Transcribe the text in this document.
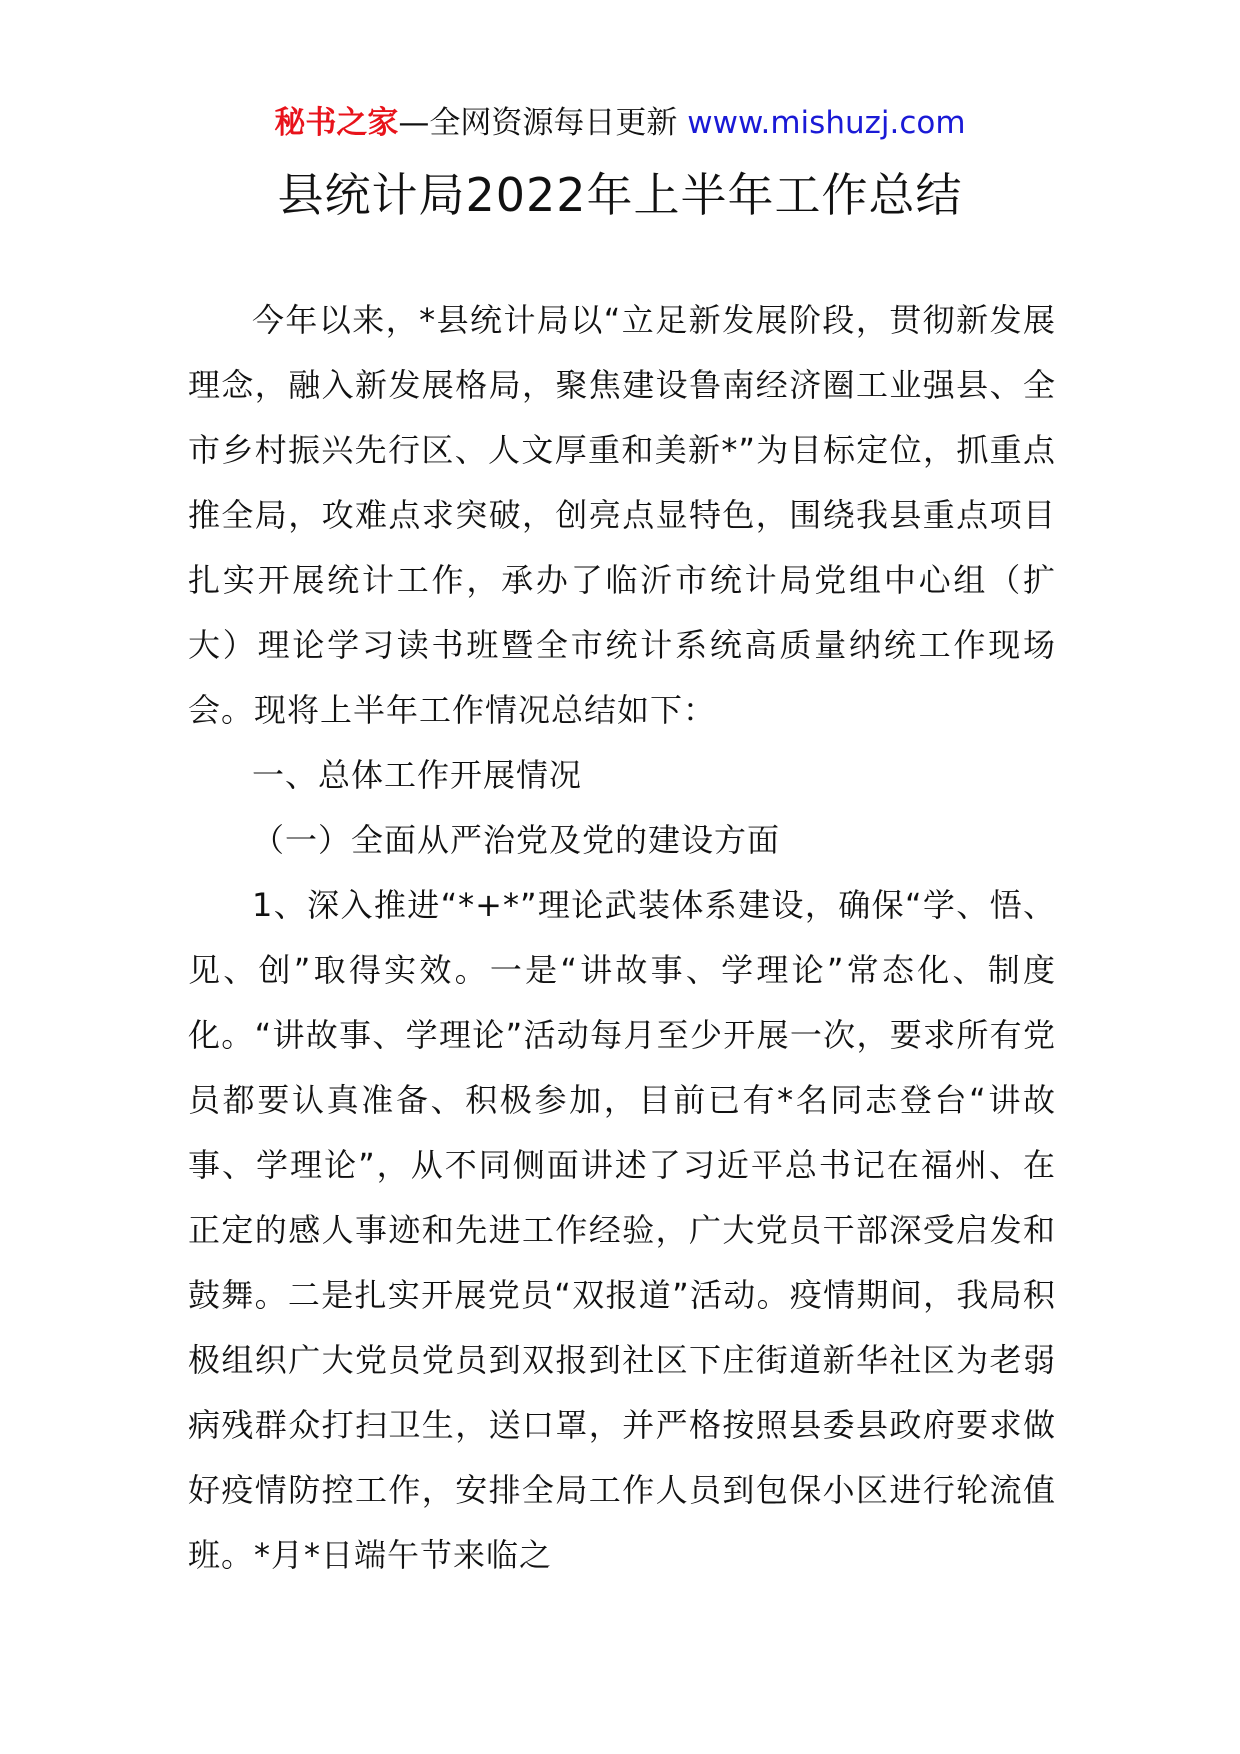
秘书之家—全网资源每日更新 www.mishuzj.com
县统计局2022年上半年工作总结

今年以来，*县统计局以“立足新发展阶段，贯彻新发展理念，融入新发展格局，聚焦建设鲁南经济圈工业强县、全市乡村振兴先行区、人文厚重和美新*”为目标定位，抓重点推全局，攻难点求突破，创亮点显特色，围绕我县重点项目扎实开展统计工作，承办了临沂市统计局党组中心组（扩大）理论学习读书班暨全市统计系统高质量纳统工作现场会。现将上半年工作情况总结如下：

一、总体工作开展情况

（一）全面从严治党及党的建设方面

1、深入推进“*+*”理论武装体系建设，确保“学、悟、见、创”取得实效。一是“讲故事、学理论”常态化、制度化。“讲故事、学理论”活动每月至少开展一次，要求所有党员都要认真准备、积极参加，目前已有*名同志登台“讲故事、学理论”，从不同侧面讲述了习近平总书记在福州、在正定的感人事迹和先进工作经验，广大党员干部深受启发和鼓舞。二是扎实开展党员“双报道”活动。疫情期间，我局积极组织广大党员党员到双报到社区下庄街道新华社区为老弱病残群众打扫卫生，送口罩，并严格按照县委县政府要求做好疫情防控工作，安排全局工作人员到包保小区进行轮流值班。*月*日端午节来临之
